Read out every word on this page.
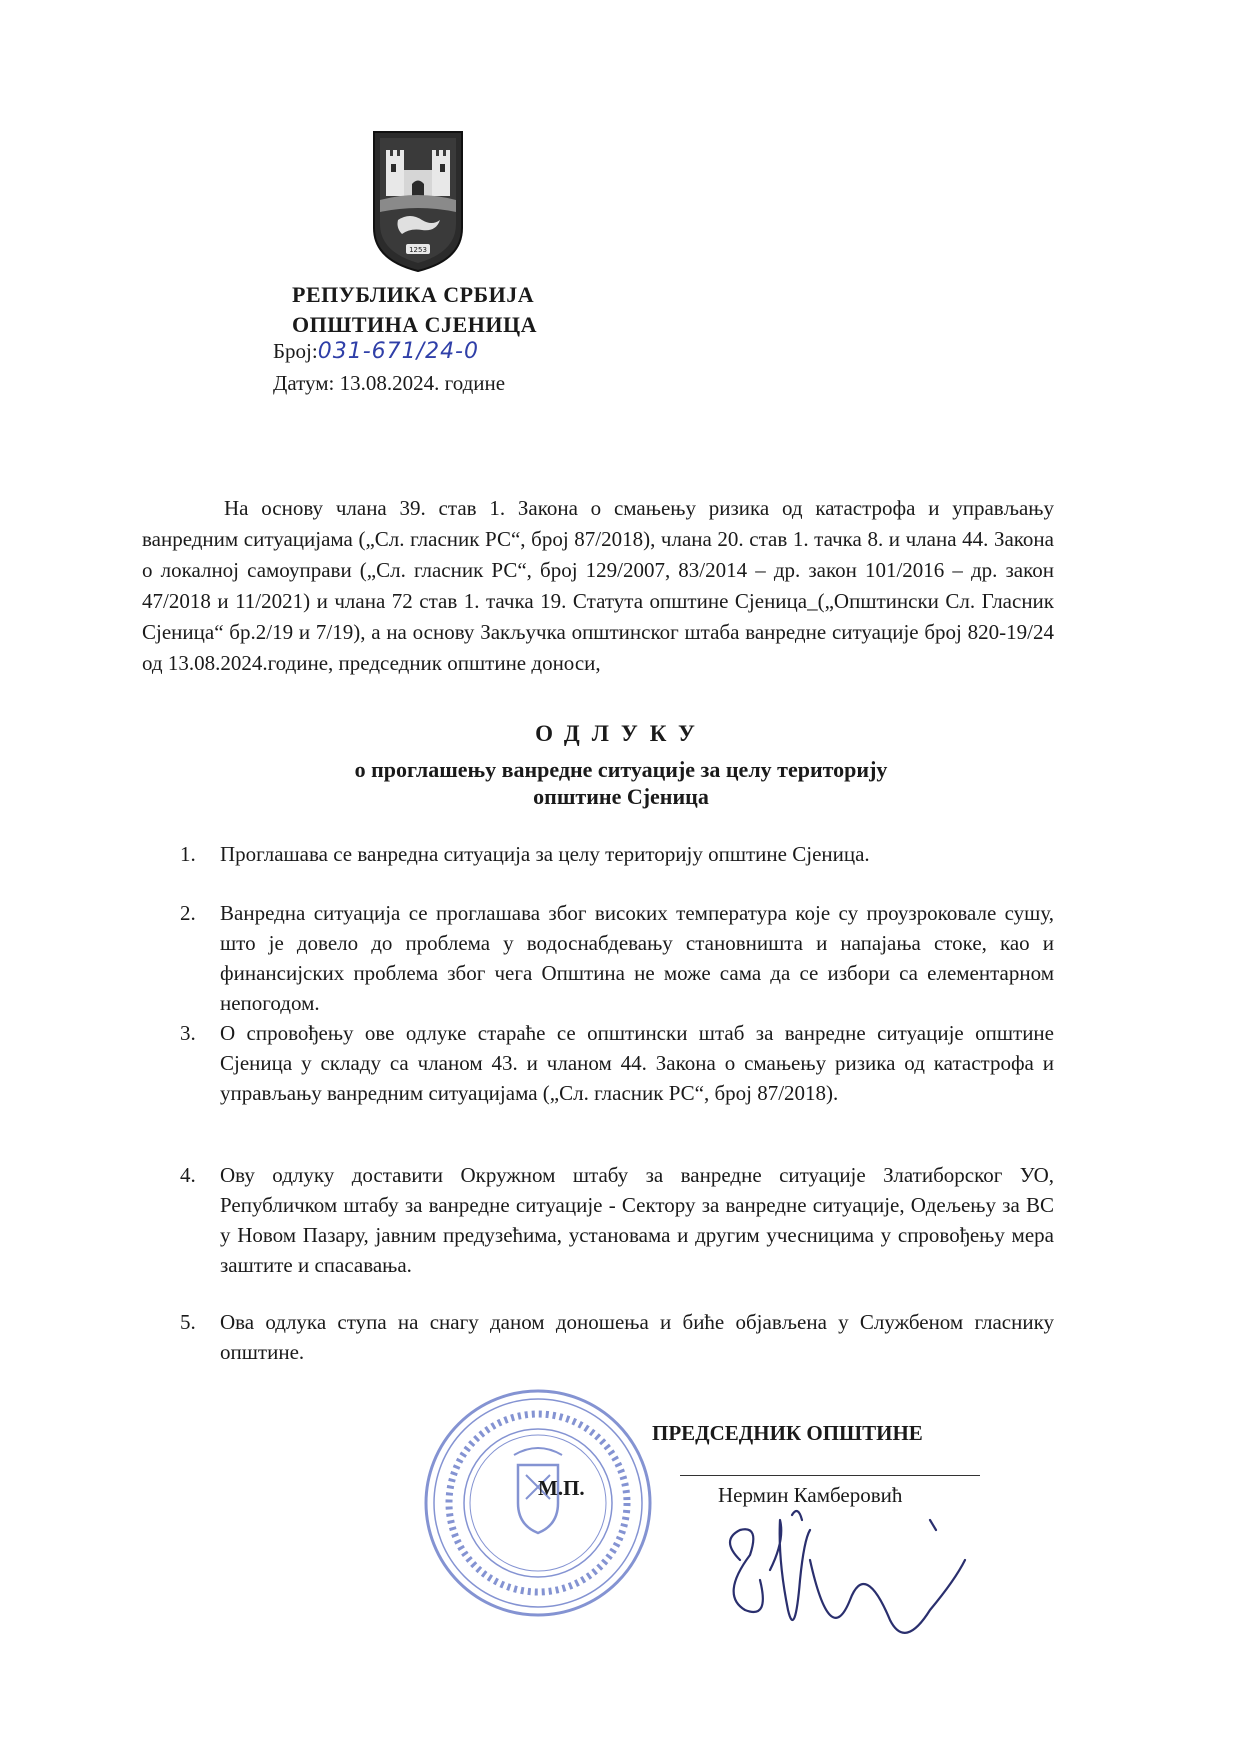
1253
РЕПУБЛИКА СРБИЈА
ОПШТИНА СЈЕНИЦА
Број:031-671/24-0
Датум: 13.08.2024. године

На основу члана 39. став 1. Закона о смањењу ризика од катастрофа и управљању ванредним ситуацијама („Сл. гласник РС“, број 87/2018), члана 20. став 1. тачка 8. и члана 44. Закона о локалној самоуправи („Сл. гласник РС“, број 129/2007, 83/2014 – др. закон 101/2016 – др. закон 47/2018 и 11/2021) и члана 72 став 1. тачка 19. Статута општине Сјеница_(„Општински Сл. Гласник Сјеница“ бр.2/19 и 7/19), а на основу Закључка општинског штаба ванредне ситуације број 820-19/24 од 13.08.2024.године, председник општине доноси,

ОДЛУКУ
о проглашењу ванредне ситуације за целу територију
општине Сјеница
1.	Проглашава се ванредна ситуација за целу територију општине Сјеница.
2.	Ванредна ситуација се проглашава због високих температура које су проузроковале сушу, што је довело до проблема у водоснабдевању становништа и напајања стоке, као и финансијских проблема због чега Општина не може сама да се избори са елементарном непогодом.
3.	О спровођењу ове одлуке стараће се општински штаб за ванредне ситуације општине Сјеница у складу са чланом 43. и чланом 44. Закона о смањењу ризика од катастрофа и управљању ванредним ситуацијама („Сл. гласник РС“, број 87/2018).
4.	Ову одлуку доставити Окружном штабу за ванредне ситуације Златиборског УО, Републичком штабу за ванредне ситуације - Сектору за ванредне ситуације, Одељењу за ВС у Новом Пазару, јавним предузећима, установама и другим учесницима у спровођењу мера заштите и спасавања.
5.	Ова одлука ступа на снагу даном доношења и биће објављена у Службеном гласнику општине.
М.П.
ПРЕДСЕДНИК ОПШТИНЕ
Нермин Камберовић
